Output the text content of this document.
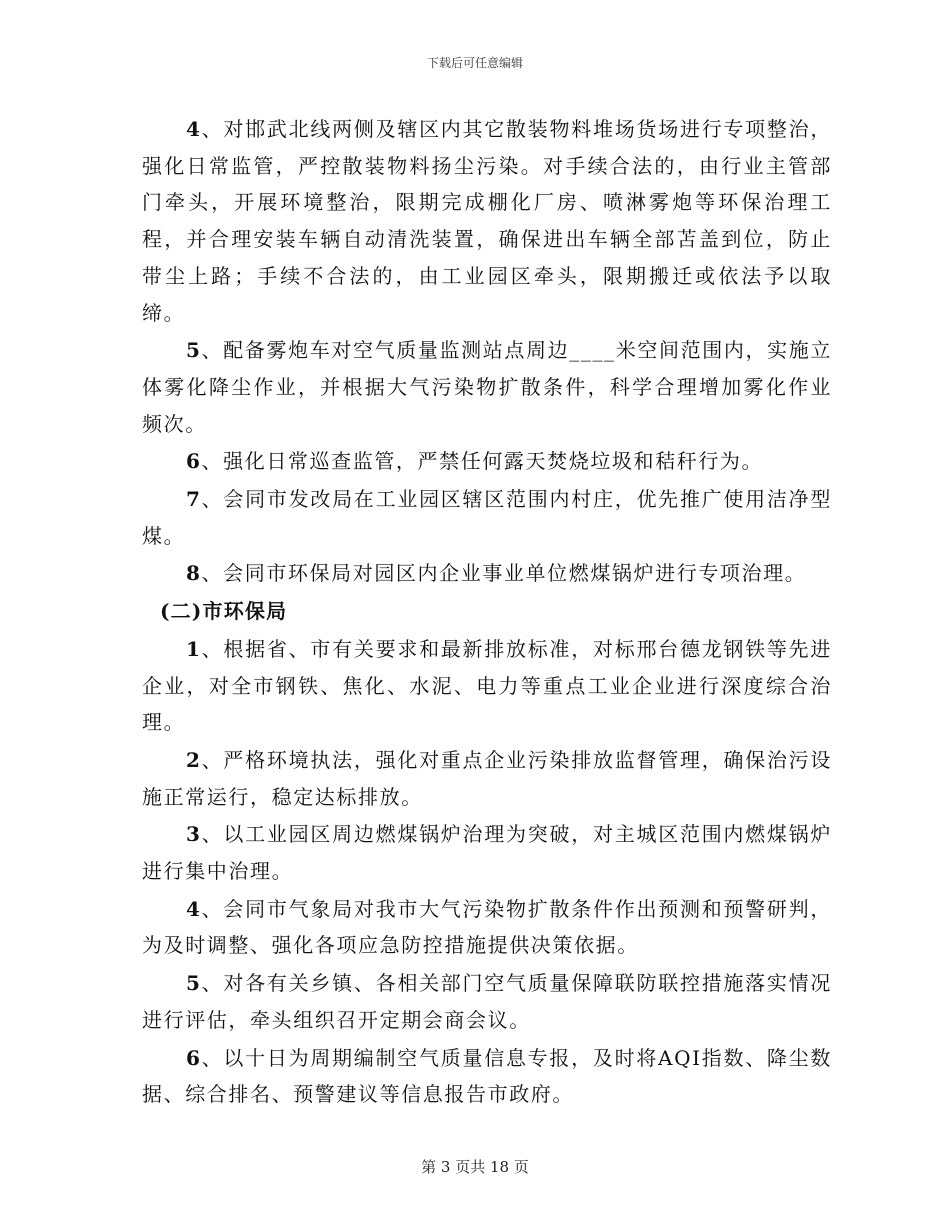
下载后可任意编辑

4、对邯武北线两侧及辖区内其它散装物料堆场货场进行专项整治，强化日常监管，严控散装物料扬尘污染。对手续合法的，由行业主管部门牵头，开展环境整治，限期完成棚化厂房、喷淋雾炮等环保治理工程，并合理安装车辆自动清洗装置，确保进出车辆全部苫盖到位，防止带尘上路；手续不合法的，由工业园区牵头，限期搬迁或依法予以取缔。

5、配备雾炮车对空气质量监测站点周边____米空间范围内，实施立体雾化降尘作业，并根据大气污染物扩散条件，科学合理增加雾化作业频次。

6、强化日常巡查监管，严禁任何露天焚烧垃圾和秸秆行为。

7、会同市发改局在工业园区辖区范围内村庄，优先推广使用洁净型煤。

8、会同市环保局对园区内企业事业单位燃煤锅炉进行专项治理。

(二)市环保局

1、根据省、市有关要求和最新排放标准，对标邢台德龙钢铁等先进企业，对全市钢铁、焦化、水泥、电力等重点工业企业进行深度综合治理。

2、严格环境执法，强化对重点企业污染排放监督管理，确保治污设施正常运行，稳定达标排放。

3、以工业园区周边燃煤锅炉治理为突破，对主城区范围内燃煤锅炉进行集中治理。

4、会同市气象局对我市大气污染物扩散条件作出预测和预警研判，为及时调整、强化各项应急防控措施提供决策依据。

5、对各有关乡镇、各相关部门空气质量保障联防联控措施落实情况进行评估，牵头组织召开定期会商会议。

6、以十日为周期编制空气质量信息专报，及时将AQI指数、降尘数据、综合排名、预警建议等信息报告市政府。

第 3 页共 18 页
